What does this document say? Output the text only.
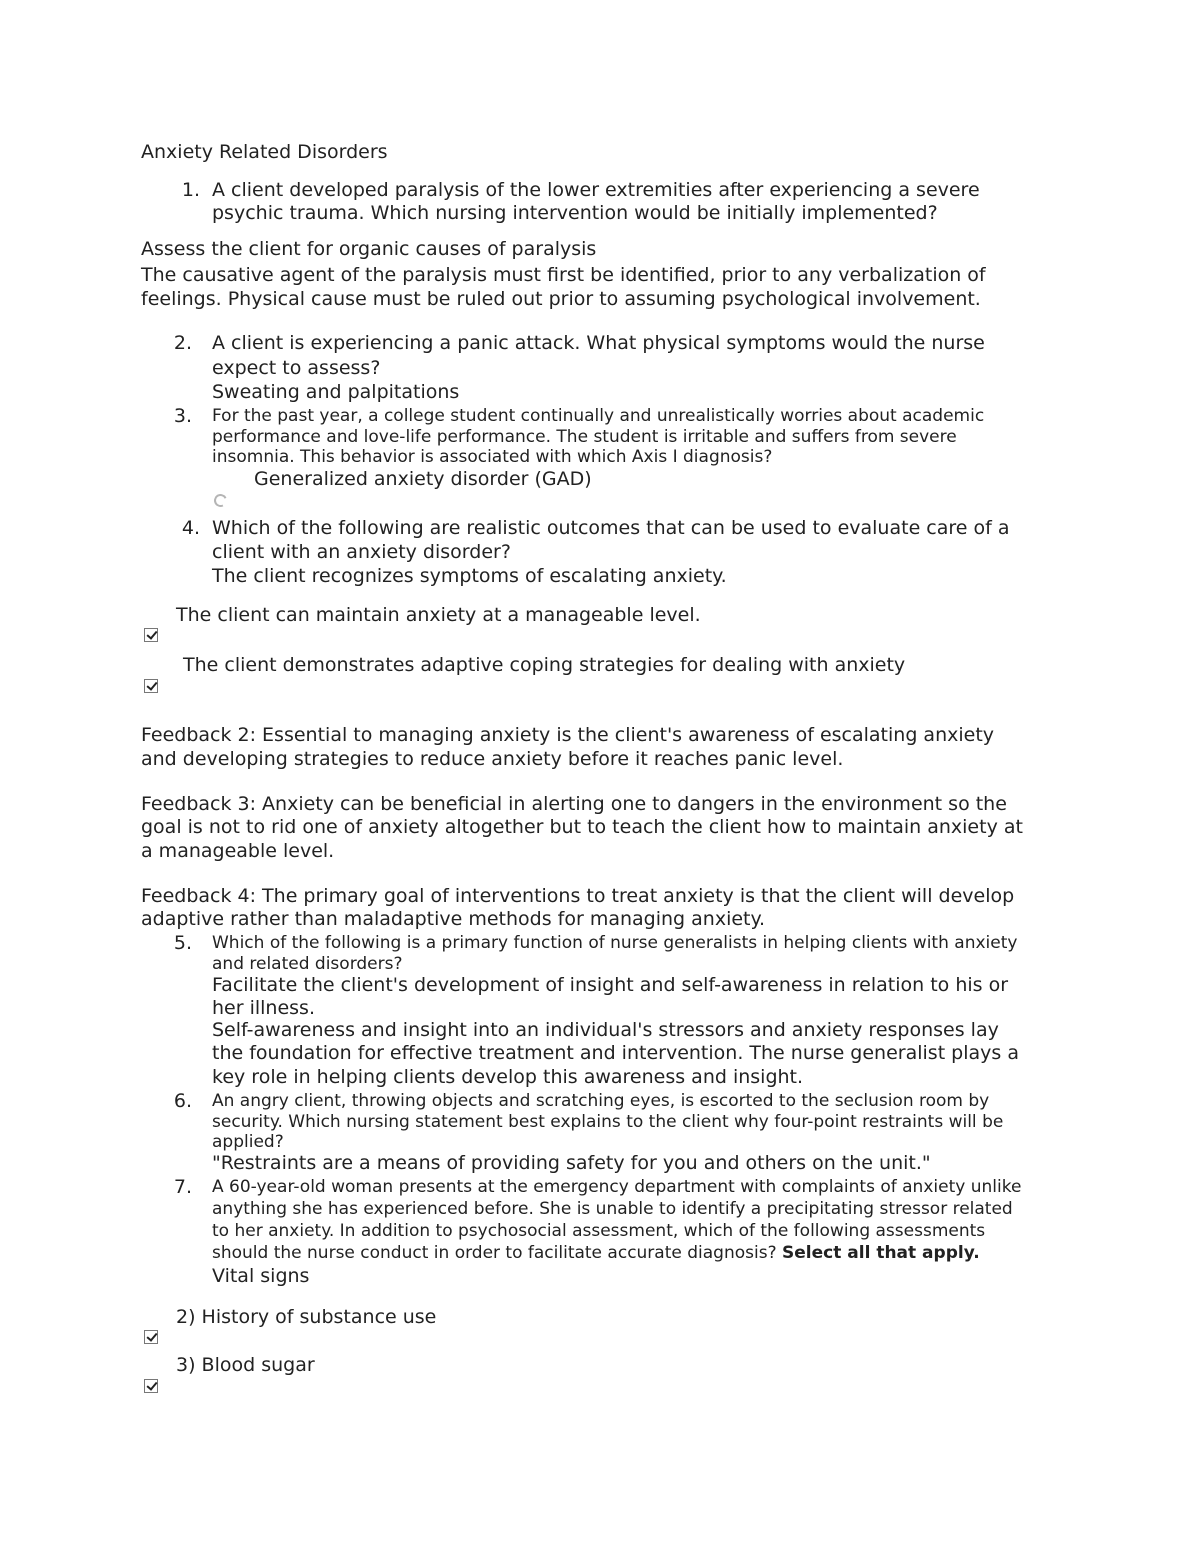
Anxiety Related Disorders
1. A client developed paralysis of the lower extremities after experiencing a severe
psychic trauma. Which nursing intervention would be initially implemented?
Assess the client for organic causes of paralysis
The causative agent of the paralysis must first be identified, prior to any verbalization of
feelings. Physical cause must be ruled out prior to assuming psychological involvement.
2. A client is experiencing a panic attack. What physical symptoms would the nurse
expect to assess?
Sweating and palpitations
3. For the past year, a college student continually and unrealistically worries about academic
performance and love-life performance. The student is irritable and suffers from severe
insomnia. This behavior is associated with which Axis I diagnosis?
Generalized anxiety disorder (GAD)
4. Which of the following are realistic outcomes that can be used to evaluate care of a
client with an anxiety disorder?
The client recognizes symptoms of escalating anxiety.
The client can maintain anxiety at a manageable level.
The client demonstrates adaptive coping strategies for dealing with anxiety
Feedback 2: Essential to managing anxiety is the client's awareness of escalating anxiety
and developing strategies to reduce anxiety before it reaches panic level.
Feedback 3: Anxiety can be beneficial in alerting one to dangers in the environment so the
goal is not to rid one of anxiety altogether but to teach the client how to maintain anxiety at
a manageable level.
Feedback 4: The primary goal of interventions to treat anxiety is that the client will develop
adaptive rather than maladaptive methods for managing anxiety.
5. Which of the following is a primary function of nurse generalists in helping clients with anxiety
and related disorders?
Facilitate the client's development of insight and self-awareness in relation to his or
her illness.
Self-awareness and insight into an individual's stressors and anxiety responses lay
the foundation for effective treatment and intervention. The nurse generalist plays a
key role in helping clients develop this awareness and insight.
6. An angry client, throwing objects and scratching eyes, is escorted to the seclusion room by
security. Which nursing statement best explains to the client why four-point restraints will be
applied?
"Restraints are a means of providing safety for you and others on the unit."
7. A 60-year-old woman presents at the emergency department with complaints of anxiety unlike
anything she has experienced before. She is unable to identify a precipitating stressor related
to her anxiety. In addition to psychosocial assessment, which of the following assessments
should the nurse conduct in order to facilitate accurate diagnosis? Select all that apply.
Vital signs
2) History of substance use
3) Blood sugar
